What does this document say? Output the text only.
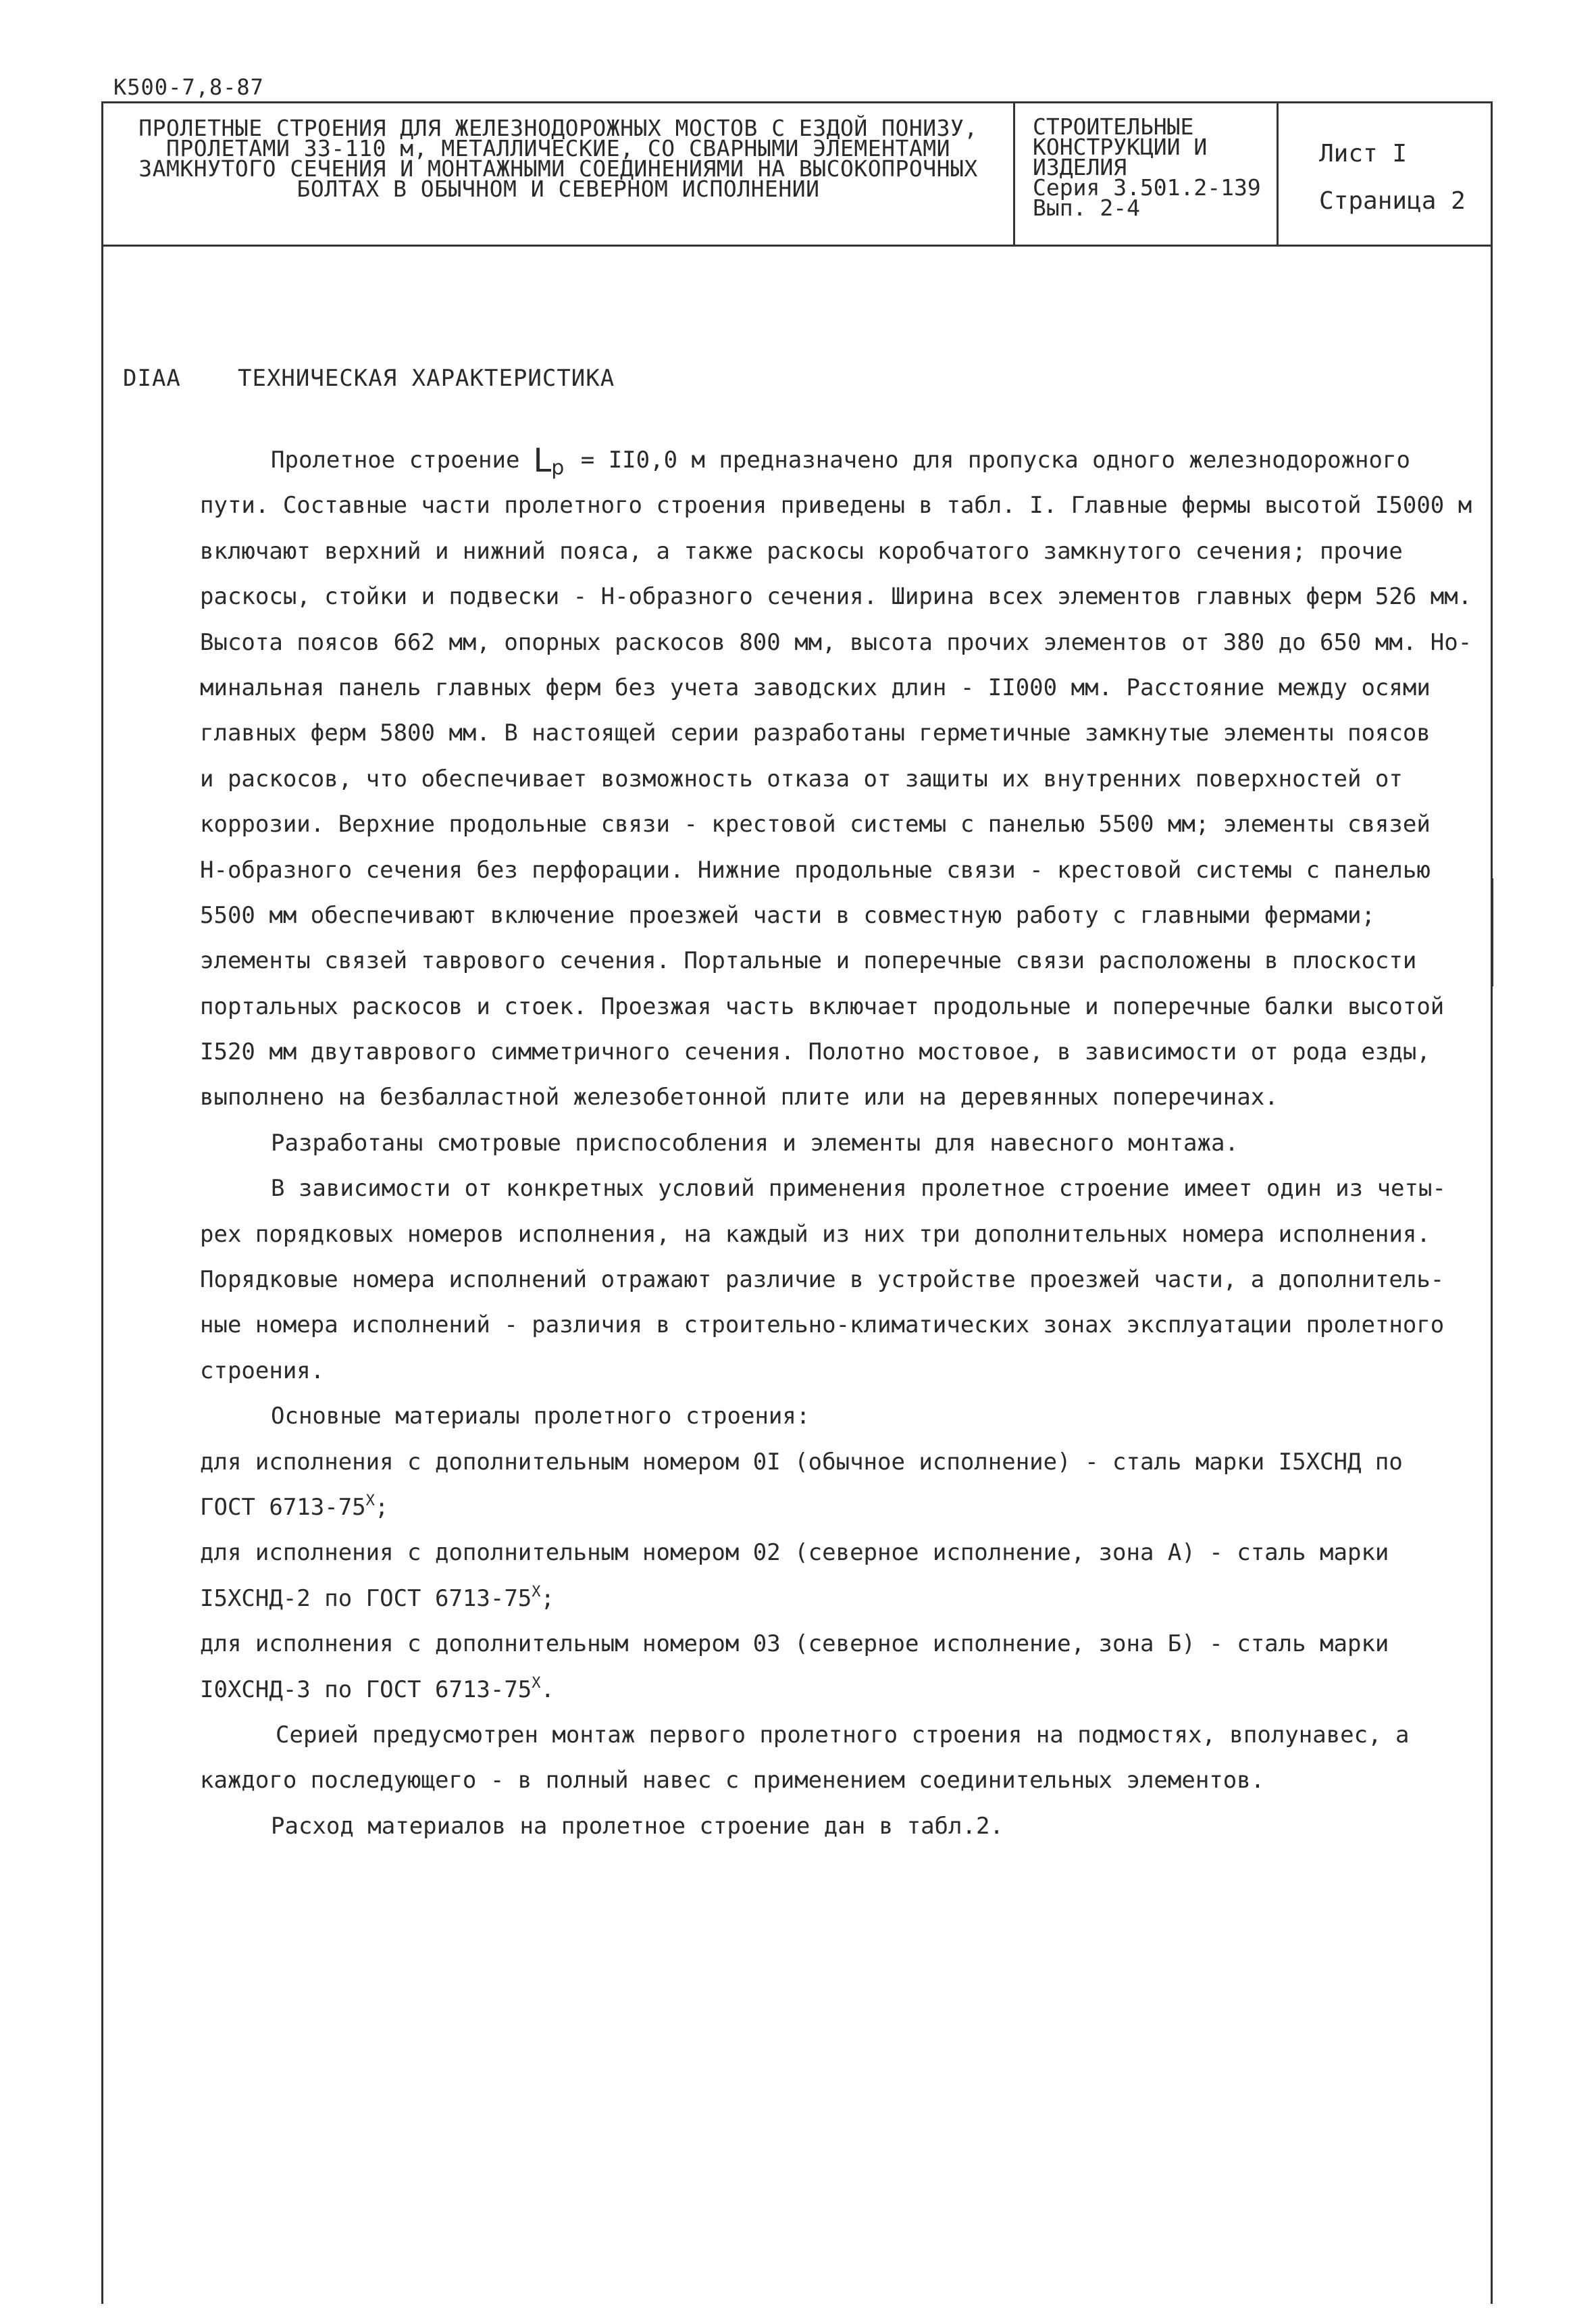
К500-7,8-87
ПРОЛЕТНЫЕ СТРОЕНИЯ ДЛЯ ЖЕЛЕЗНОДОРОЖНЫХ МОСТОВ С ЕЗДОЙ ПОНИЗУ,
ПРОЛЕТАМИ 33-110 м, МЕТАЛЛИЧЕСКИЕ, СО СВАРНЫМИ ЭЛЕМЕНТАМИ
ЗАМКНУТОГО СЕЧЕНИЯ И МОНТАЖНЫМИ СОЕДИНЕНИЯМИ НА ВЫСОКОПРОЧНЫХ
БОЛТАХ В ОБЫЧНОМ И СЕВЕРНОМ ИСПОЛНЕНИИ
СТРОИТЕЛЬНЫЕ
КОНСТРУКЦИИ И
ИЗДЕЛИЯ
Серия 3.501.2-139
Вып. 2-4
Лист I
Страница 2
DIAA ТЕХНИЧЕСКАЯ ХАРАКТЕРИСТИКА
Пролетное строение $L_p = II0,0$ м предназначено для пропуска одного железнодорожного
пути. Составные части пролетного строения приведены в табл. I. Главные фермы высотой I5000 м
включают верхний и нижний пояса, а также раскосы коробчатого замкнутого сечения; прочие
раскосы, стойки и подвески - Н-образного сечения. Ширина всех элементов главных ферм 526 мм.
Высота поясов 662 мм, опорных раскосов 800 мм, высота прочих элементов от 380 до 650 мм. Но-
минальная панель главных ферм без учета заводских длин - II000 мм. Расстояние между осями
главных ферм 5800 мм. В настоящей серии разработаны герметичные замкнутые элементы поясов
и раскосов, что обеспечивает возможность отказа от защиты их внутренних поверхностей от
коррозии. Верхние продольные связи - крестовой системы с панелью 5500 мм; элементы связей
Н-образного сечения без перфорации. Нижние продольные связи - крестовой системы с панелью
5500 мм обеспечивают включение проезжей части в совместную работу с главными фермами;
элементы связей таврового сечения. Портальные и поперечные связи расположены в плоскости
портальных раскосов и стоек. Проезжая часть включает продольные и поперечные балки высотой
I520 мм двутаврового симметричного сечения. Полотно мостовое, в зависимости от рода езды,
выполнено на безбалластной железобетонной плите или на деревянных поперечинах.
Разработаны смотровые приспособления и элементы для навесного монтажа.
В зависимости от конкретных условий применения пролетное строение имеет один из четы-
рех порядковых номеров исполнения, на каждый из них три дополнительных номера исполнения.
Порядковые номера исполнений отражают различие в устройстве проезжей части, а дополнитель-
ные номера исполнений - различия в строительно-климатических зонах эксплуатации пролетного
строения.
Основные материалы пролетного строения:
для исполнения с дополнительным номером 0I (обычное исполнение) - сталь марки I5ХСНД по
ГОСТ $6713-75^X$;
для исполнения с дополнительным номером 02 (северное исполнение, зона А) - сталь марки
I5ХСНД-2 по ГОСТ $6713-75^X$;
для исполнения с дополнительным номером 03 (северное исполнение, зона Б) - сталь марки
I0ХСНД-3 по ГОСТ $6713-75^X$.
Серией предусмотрен монтаж первого пролетного строения на подмостях, вполунавес, а
каждого последующего - в полный навес с применением соединительных элементов.
Расход материалов на пролетное строение дан в табл.2.
